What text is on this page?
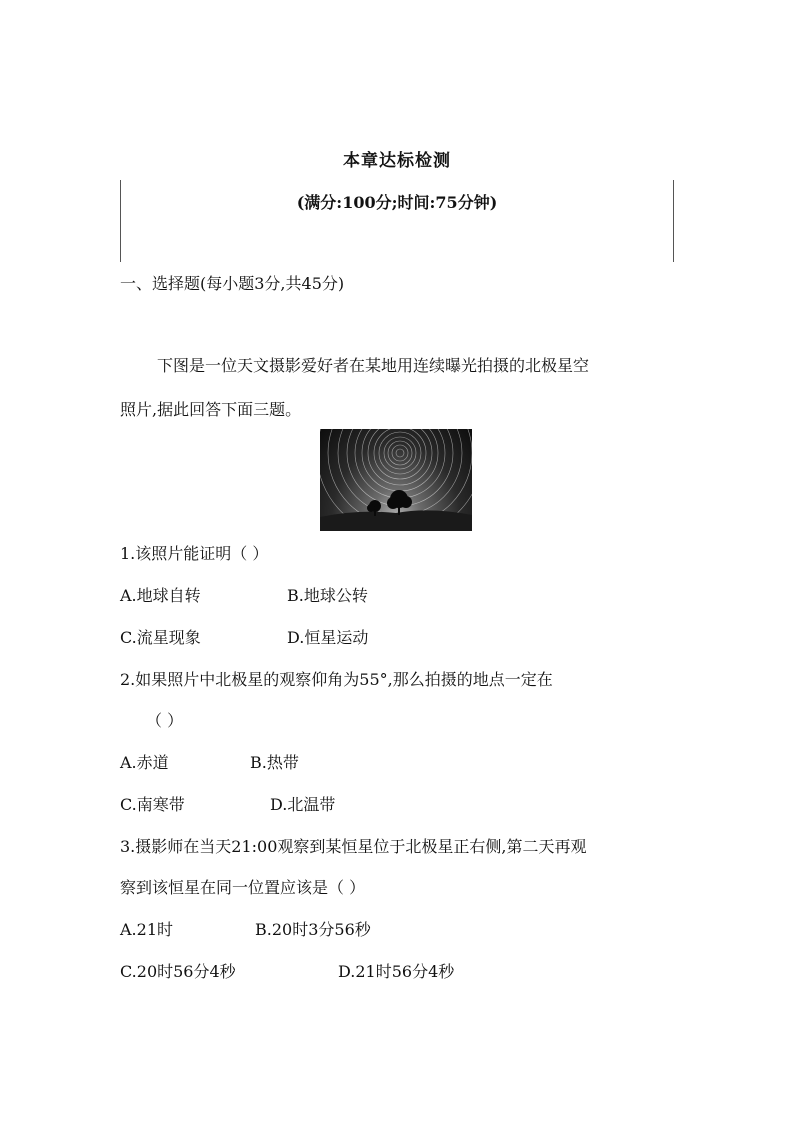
本章达标检测
(满分:100分;时间:75分钟)
一、选择题(每小题3分,共45分)
下图是一位天文摄影爱好者在某地用连续曝光拍摄的北极星空
照片,据此回答下面三题。
1.该照片能证明（ ）
A.地球自转	B.地球公转
C.流星现象	D.恒星运动
2.如果照片中北极星的观察仰角为55°,那么拍摄的地点一定在
（ ）
A.赤道	B.热带
C.南寒带	D.北温带
3.摄影师在当天21:00观察到某恒星位于北极星正右侧,第二天再观
察到该恒星在同一位置应该是（ ）
A.21时	B.20时3分56秒
C.20时56分4秒	D.21时56分4秒
